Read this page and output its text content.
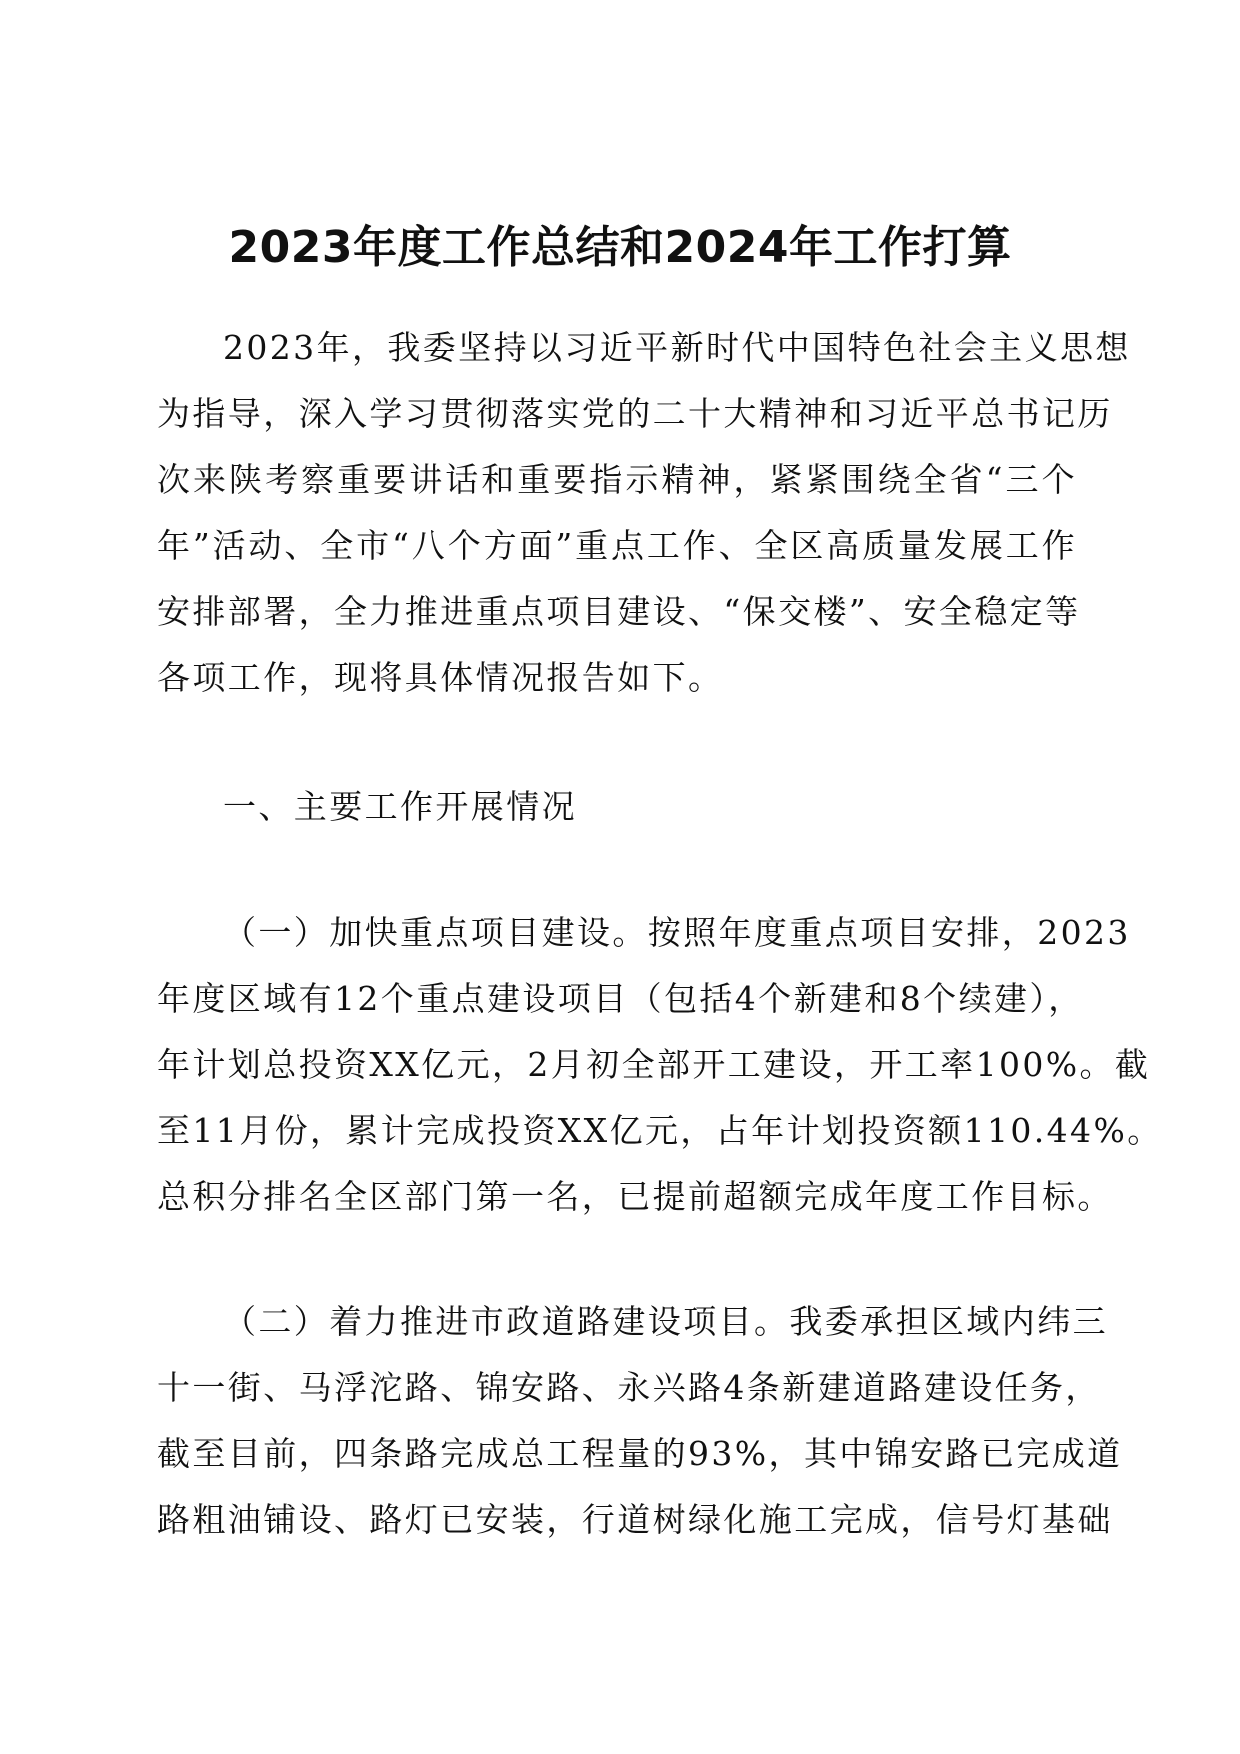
2023年度工作总结和2024年工作打算
2023年，我委坚持以习近平新时代中国特色社会主义思想
为指导，深入学习贯彻落实党的二十大精神和习近平总书记历
次来陕考察重要讲话和重要指示精神，紧紧围绕全省“三个
年”活动、全市“八个方面”重点工作、全区高质量发展工作
安排部署，全力推进重点项目建设、“保交楼”、安全稳定等
各项工作，现将具体情况报告如下。
一、主要工作开展情况
（一）加快重点项目建设。按照年度重点项目安排，2023
年度区域有12个重点建设项目（包括4个新建和8个续建），
年计划总投资XX亿元，2月初全部开工建设，开工率100%。截
至11月份，累计完成投资XX亿元，占年计划投资额110.44%。
总积分排名全区部门第一名，已提前超额完成年度工作目标。
（二）着力推进市政道路建设项目。我委承担区域内纬三
十一街、马浮沱路、锦安路、永兴路4条新建道路建设任务，
截至目前，四条路完成总工程量的93%，其中锦安路已完成道
路粗油铺设、路灯已安装，行道树绿化施工完成，信号灯基础
